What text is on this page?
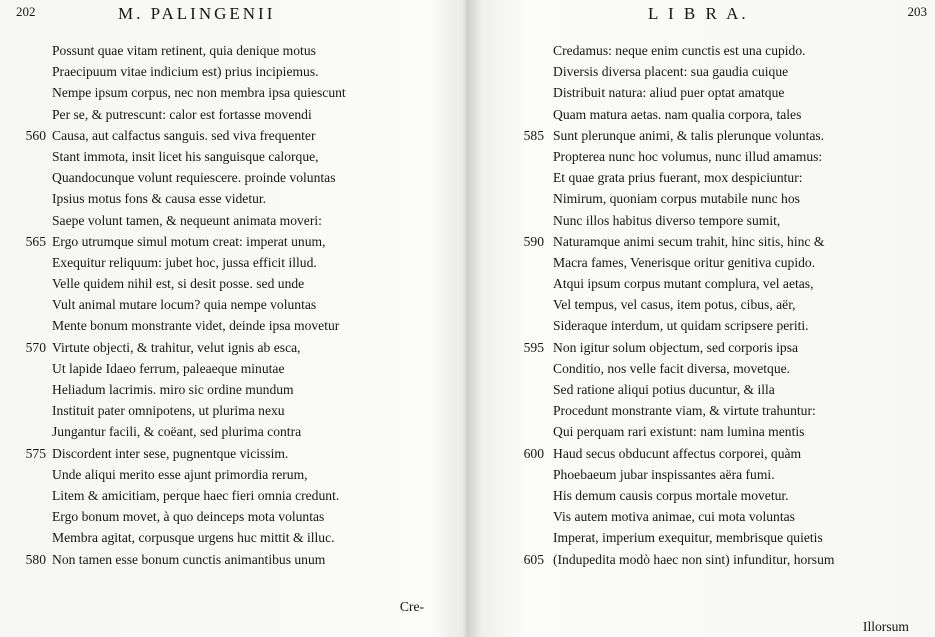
202	M. PALINGENII
Possunt quae vitam retinent, quia denique motus
Praecipuum vitae indicium est) prius incipiemus.
Nempe ipsum corpus, nec non membra ipsa quiescunt
Per se, & putrescunt: calor est fortasse movendi
560 Causa, aut calfactus sanguis. sed viva frequenter
Stant immota, insit licet his sanguisque calorque,
Quandocunque volunt requiescere. proinde voluntas
Ipsius motus fons & causa esse videtur.
Saepe volunt tamen, & nequeunt animata moveri:
565 Ergo utrumque simul motum creat: imperat unum,
Exequitur reliquum: jubet hoc, jussa efficit illud.
Velle quidem nihil est, si desit posse. sed unde
Vult animal mutare locum? quia nempe voluntas
Mente bonum monstrante videt, deinde ipsa movetur
570 Virtute objecti, & trahitur, velut ignis ab esca,
Ut lapide Idaeo ferrum, paleaeque minutae
Heliadum lacrimis. miro sic ordine mundum
Instituit pater omnipotens, ut plurima nexu
Jungantur facili, & coëant, sed plurima contra
575 Discordent inter sese, pugnentque vicissim.
Unde aliqui merito esse ajunt primordia rerum,
Litem & amicitiam, perque haec fieri omnia credunt.
Ergo bonum movet, à quo deinceps mota voluntas
Membra agitat, corpusque urgens huc mittit & illuc.
580 Non tamen esse bonum cunctis animantibus unum
Cre-
203
L I B R A.
Credamus: neque enim cunctis est una cupido.
Diversis diversa placent: sua gaudia cuique
Distribuit natura: aliud puer optat amatque
Quam matura aetas. nam qualia corpora, tales
585 Sunt plerunque animi, & talis plerunque voluntas.
Propterea nunc hoc volumus, nunc illud amamus:
Et quae grata prius fuerant, mox despiciuntur:
Nimirum, quoniam corpus mutabile nunc hos
Nunc illos habitus diverso tempore sumit,
590 Naturamque animi secum trahit, hinc sitis, hinc &
Macra fames, Venerisque oritur genitiva cupido.
Atqui ipsum corpus mutant complura, vel aetas,
Vel tempus, vel casus, item potus, cibus, aër,
Sideraque interdum, ut quidam scripsere periti.
595 Non igitur solum objectum, sed corporis ipsa
Conditio, nos velle facit diversa, movetque.
Sed ratione aliqui potius ducuntur, & illa
Procedunt monstrante viam, & virtute trahuntur:
Qui perquam rari existunt: nam lumina mentis
600 Haud secus obducunt affectus corporei, quàm
Phoebaeum jubar inspissantes aëra fumi.
His demum causis corpus mortale movetur.
Vis autem motiva animae, cui mota voluntas
Imperat, imperium exequitur, membrisque quietis
605 (Indupedita modò haec non sint) infunditur, horsum
Illorsum
